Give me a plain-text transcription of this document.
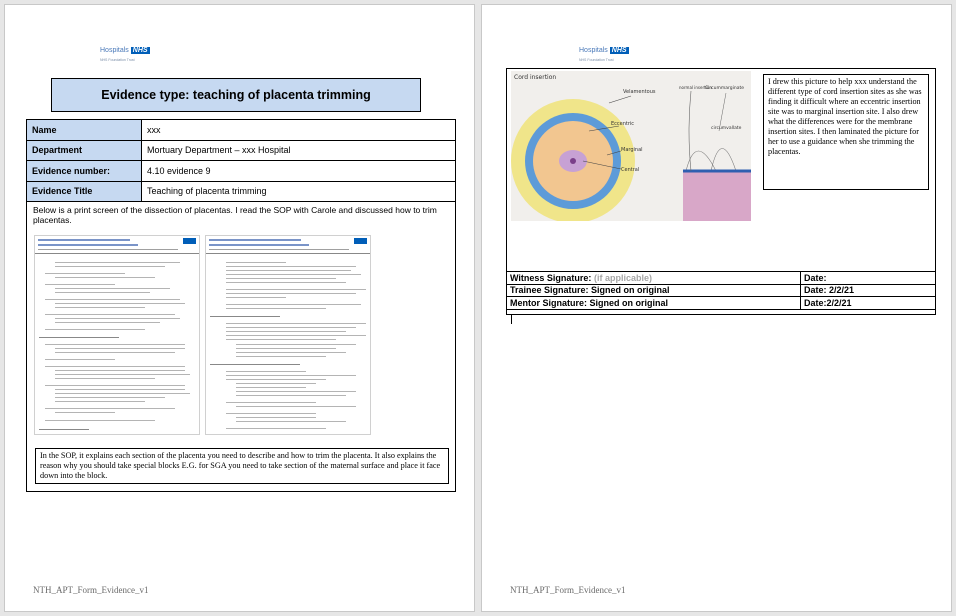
Hospitals NHS
NHS Foundation Trust
Evidence type: teaching of placenta trimming
Name	xxx
Department	Mortuary Department – xxx Hospital
Evidence number:	4.10 evidence 9
Evidence Title	Teaching of placenta trimming
Below is a print screen of the dissection of placentas. I read the SOP with Carole and discussed how to trim placentas.
In the SOP, it explains each section of the placenta you need to describe and how to trim the placenta. It also explains the reason why you should take special blocks E.G. for SGA you need to take section of the maternal surface and place it face down into the block.
NTH_APT_Form_Evidence_v1
Hospitals NHS
NHS Foundation Trust
Cord insertion
Velamentous
Eccentric
Marginal
Central
normal insertion
Circummarginate
circumvallate
I drew this picture to help xxx understand the different type of cord insertion sites as she was finding it difficult where an eccentric insertion site was to marginal insertion site. I also drew what the differences were for the membrane insertion sites. I then laminated the picture for her to use a guidance when she trimming the placentas.
Witness Signature: (if applicable)	Date:
Trainee Signature: Signed on original	Date: 2/2/21
Mentor Signature: Signed on original	Date:2/2/21
NTH_APT_Form_Evidence_v1
